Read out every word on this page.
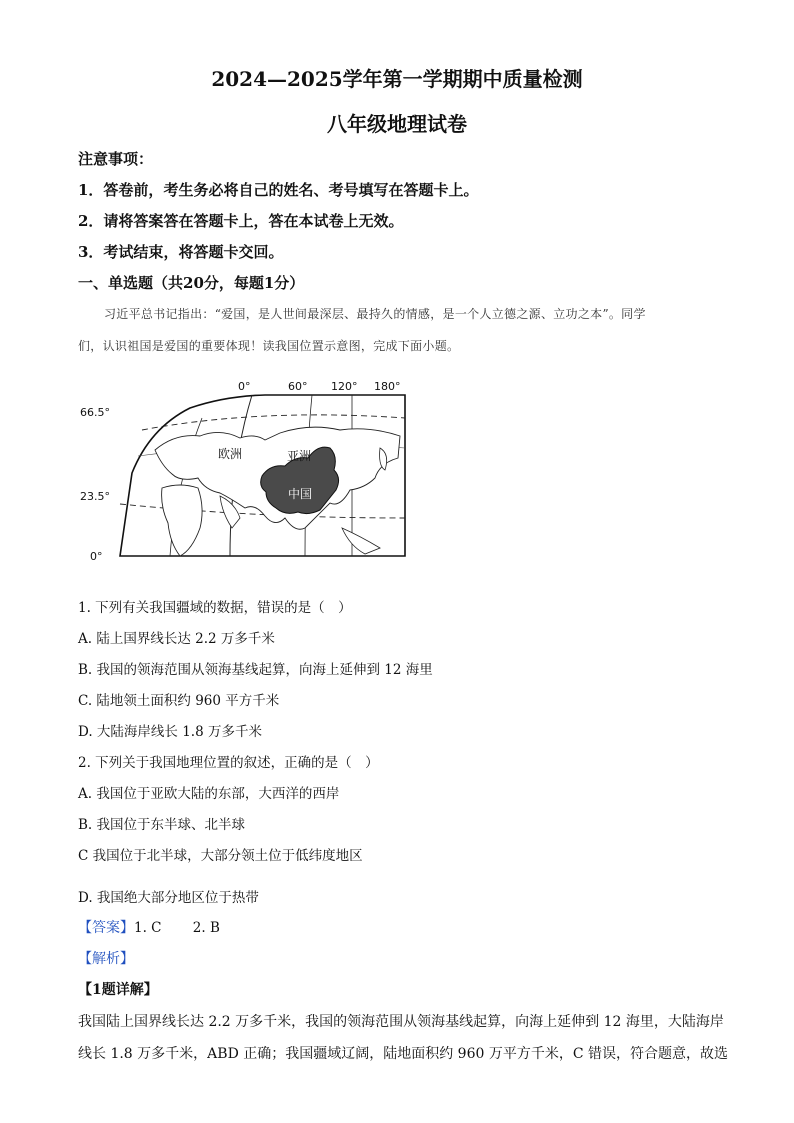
2024—2025学年第一学期期中质量检测
八年级地理试卷
注意事项：
1．答卷前，考生务必将自己的姓名、考号填写在答题卡上。
2．请将答案答在答题卡上，答在本试卷上无效。
3．考试结束，将答题卡交回。
一、单选题（共20分，每题1分）
习近平总书记指出：“爱国，是人世间最深层、最持久的情感，是一个人立德之源、立功之本”。同学
们，认识祖国是爱国的重要体现！读我国位置示意图，完成下面小题。
0°	60° 120° 180°
66.5°
23.5°
0°
欧洲	亚洲
中国
1. 下列有关我国疆域的数据，错误的是（　）
A. 陆上国界线长达 2.2 万多千米
B. 我国的领海范围从领海基线起算，向海上延伸到 12 海里
C. 陆地领土面积约 960 平方千米
D. 大陆海岸线长 1.8 万多千米
2. 下列关于我国地理位置的叙述，正确的是（　）
A. 我国位于亚欧大陆的东部，大西洋的西岸
B. 我国位于东半球、北半球
C 我国位于北半球，大部分领土位于低纬度地区
D. 我国绝大部分地区位于热带
【答案】1. C　　 2. B
【解析】
【1题详解】
我国陆上国界线长达 2.2 万多千米，我国的领海范围从领海基线起算，向海上延伸到 12 海里，大陆海岸
线长 1.8 万多千米，ABD 正确；我国疆域辽阔，陆地面积约 960 万平方千米，C 错误，符合题意，故选
